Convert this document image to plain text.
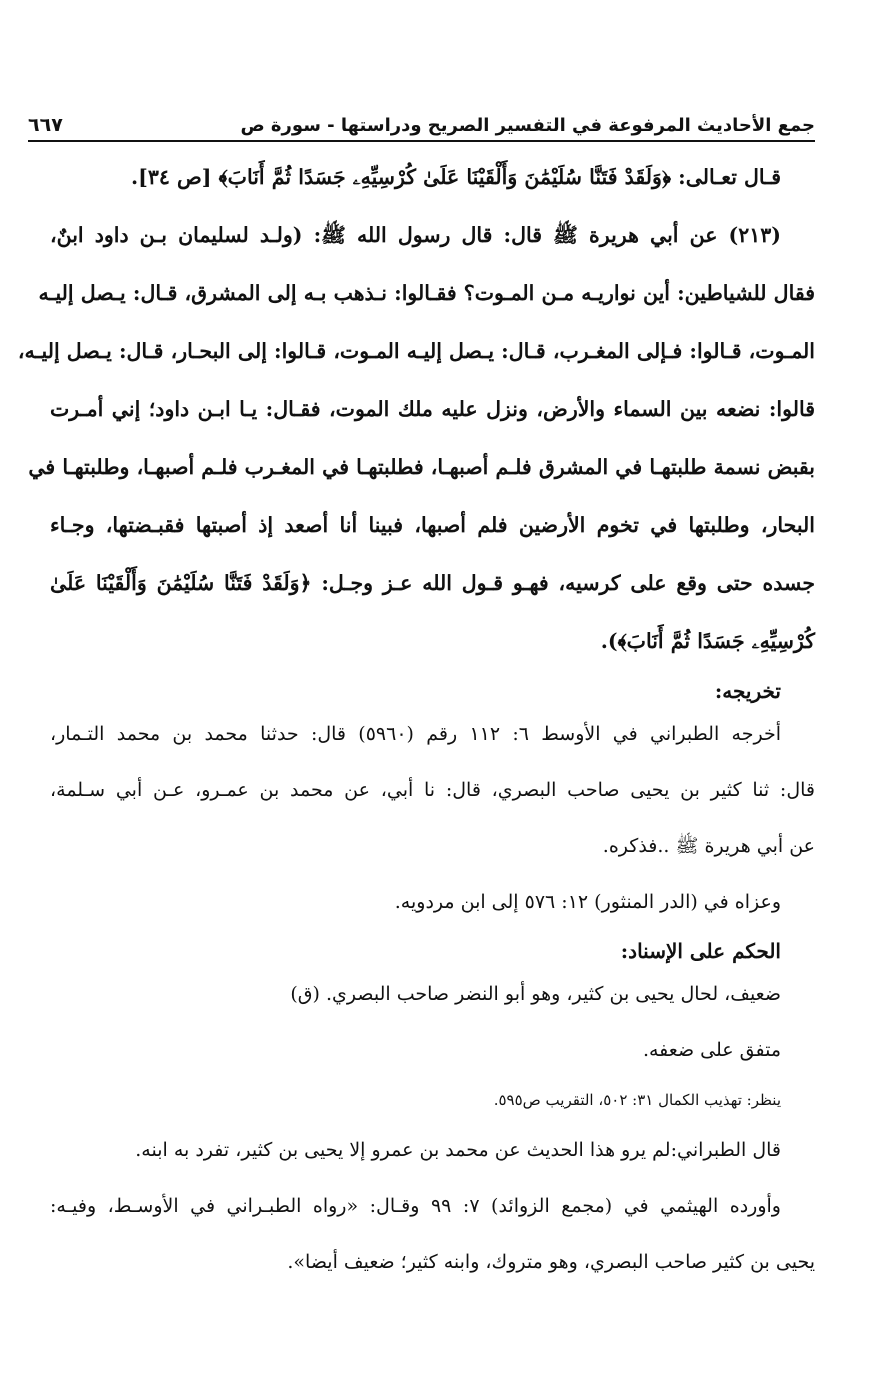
جمع الأحاديث المرفوعة في التفسير الصريح ودراستها - سورة ص
٦٦٧
قـال تعـالى: ﴿وَلَقَدْ فَتَنَّا سُلَيْمَٰنَ وَأَلْقَيْنَا عَلَىٰ كُرْسِيِّهِۦ جَسَدًا ثُمَّ أَنَابَ﴾ [ص ٣٤].
(٢١٣) عن أبي هريرة ﷺ قال: قال رسول الله ﷺ: (ولـد لسليمان بـن داود ابنٌ،
فقال للشياطين: أين نواريـه مـن المـوت؟ فقـالوا: نـذهب بـه إلى المشرق، قـال: يـصل إليـه
المـوت، قـالوا: فـإلى المغـرب، قـال: يـصل إليـه المـوت، قـالوا: إلى البحـار، قـال: يـصل إليـه،
قالوا: نضعه بين السماء والأرض، ونزل عليه ملك الموت، فقـال: يـا ابـن داود؛ إني أمـرت
بقبض نسمة طلبتهـا في المشرق فلـم أصبهـا، فطلبتهـا في المغـرب فلـم أصبهـا، وطلبتهـا في
البحار، وطلبتها في تخوم الأرضين فلم أصبها، فبينا أنا أصعد إذ أصبتها فقبـضتها، وجـاء
جسده حتى وقع على كرسيه، فهـو قـول الله عـز وجـل: ﴿وَلَقَدْ فَتَنَّا سُلَيْمَٰنَ وَأَلْقَيْنَا عَلَىٰ
كُرْسِيِّهِۦ جَسَدًا ثُمَّ أَنَابَ﴾).
تخريجه:
أخرجه الطبراني في الأوسط ٦: ١١٢ رقم (٥٩٦٠) قال: حدثنا محمد بن محمد التـمار،
قال: ثنا كثير بن يحيى صاحب البصري، قال: نا أبي، عن محمد بن عمـرو، عـن أبي سـلمة،
عن أبي هريرة ﷺ ..فذكره.
وعزاه في (الدر المنثور) ١٢: ٥٧٦ إلى ابن مردويه.
الحكم على الإسناد:
ضعيف، لحال يحيى بن كثير، وهو أبو النضر صاحب البصري. (ق)
متفق على ضعفه.
ينظر: تهذيب الكمال ٣١: ٥٠٢، التقريب ص٥٩٥.
قال الطبراني:لم يرو هذا الحديث عن محمد بن عمرو إلا يحيى بن كثير، تفرد به ابنه.
وأورده الهيثمي في (مجمع الزوائد) ٧: ٩٩ وقـال: «رواه الطبـراني في الأوسـط، وفيـه:
يحيى بن كثير صاحب البصري، وهو متروك، وابنه كثير؛ ضعيف أيضا».
